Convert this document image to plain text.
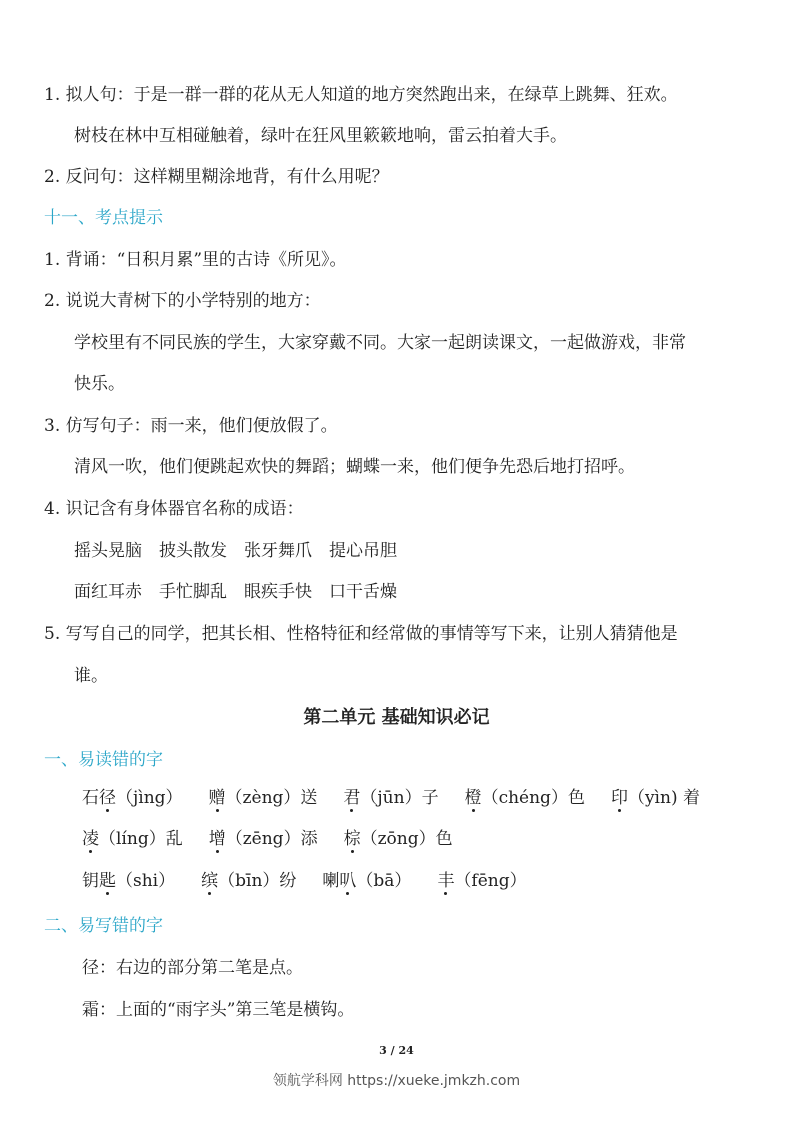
1. 拟人句：于是一群一群的花从无人知道的地方突然跑出来，在绿草上跳舞、狂欢。
树枝在林中互相碰触着，绿叶在狂风里簌簌地响，雷云拍着大手。
2. 反问句：这样糊里糊涂地背，有什么用呢？
十一、考点提示
1. 背诵：“日积月累”里的古诗《所见》。
2. 说说大青树下的小学特别的地方：
学校里有不同民族的学生，大家穿戴不同。大家一起朗读课文，一起做游戏，非常
快乐。
3. 仿写句子：雨一来，他们便放假了。
清风一吹，他们便跳起欢快的舞蹈；蝴蝶一来，他们便争先恐后地打招呼。
4. 识记含有身体器官名称的成语：
摇头晃脑　披头散发　张牙舞爪　提心吊胆
面红耳赤　手忙脚乱　眼疾手快　口干舌燥
5. 写写自己的同学，把其长相、性格特征和经常做的事情等写下来，让别人猜猜他是
谁。
第二单元 基础知识必记
一、易读错的字
石径（jìng） 赠（zèng）送 君（jūn）子 橙（chéng）色 印（yìn) 着
凌（líng）乱 增（zēng）添 棕（zōng）色
钥匙（shi） 缤（bīn）纷 喇叭（bā） 丰（fēng）
二、易写错的字
径：右边的部分第二笔是点。
霜：上面的“雨字头”第三笔是横钩。
3 / 24
领航学科网 https://xueke.jmkzh.com
